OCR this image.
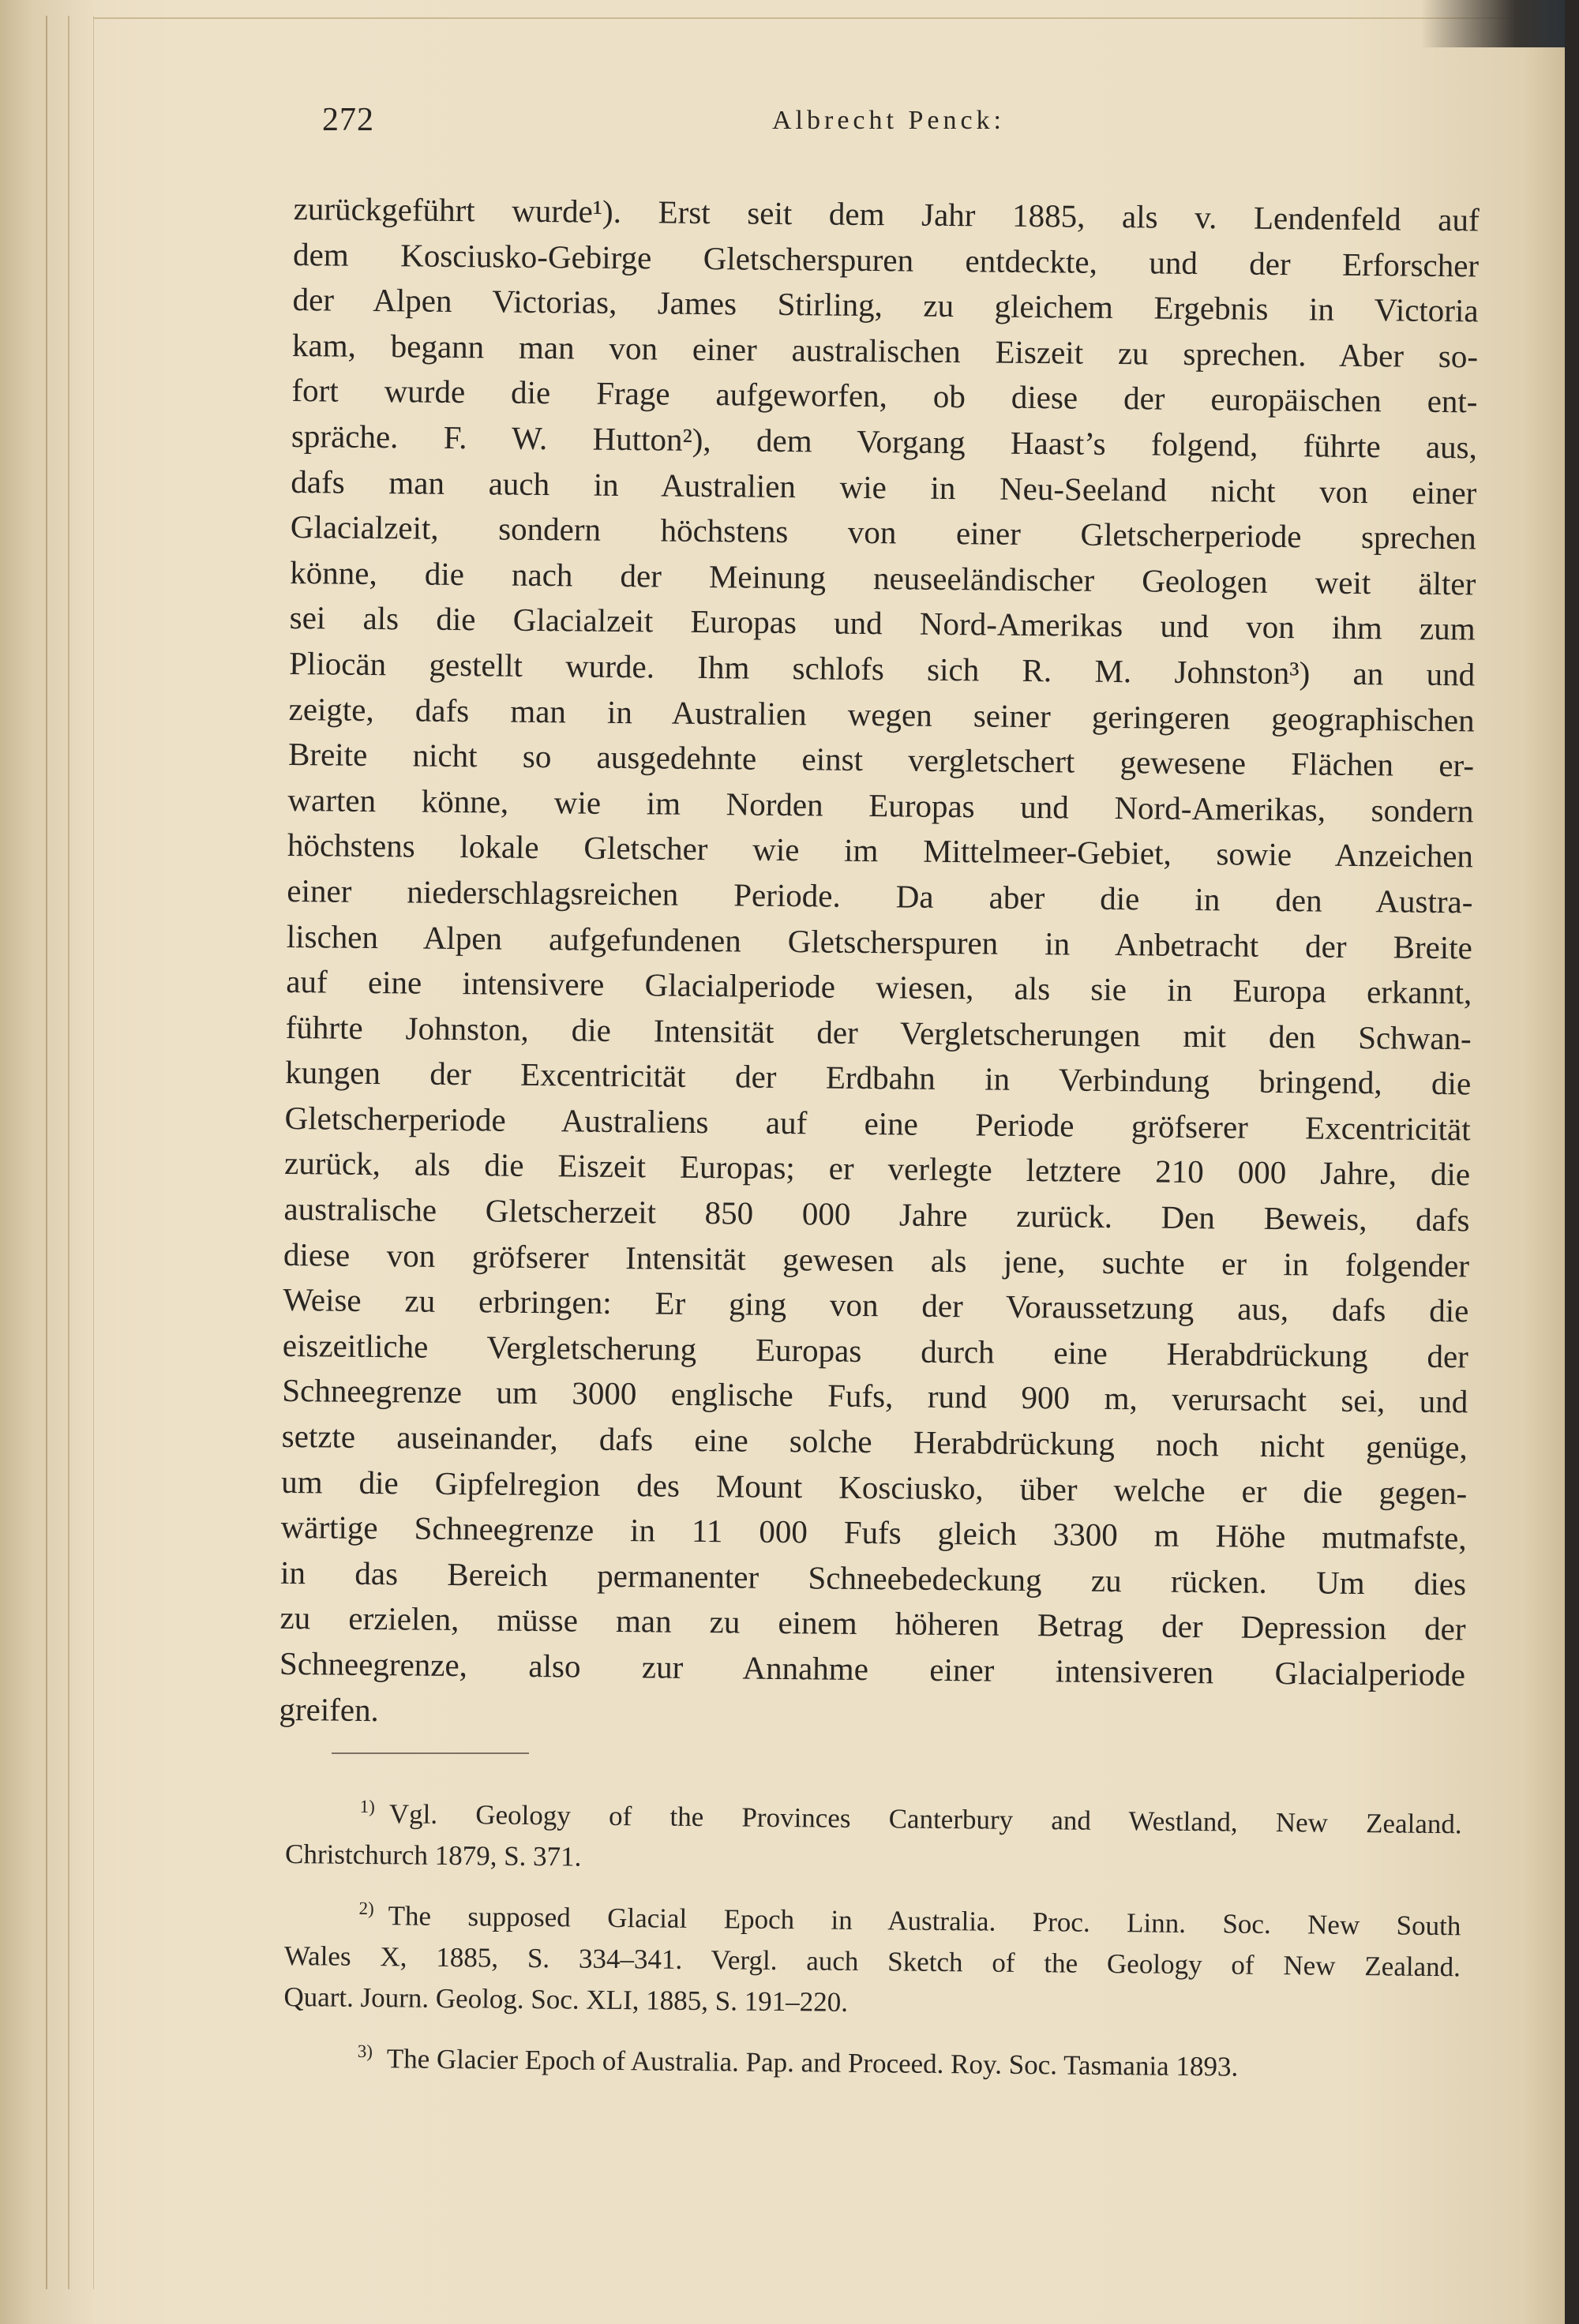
272	Albrecht Penck:
zurückgeführt wurde¹). Erst seit dem Jahr 1885, als v. Lendenfeld auf
dem Kosciusko-Gebirge Gletscherspuren entdeckte, und der Erforscher
der Alpen Victorias, James Stirling, zu gleichem Ergebnis in Victoria
kam, begann man von einer australischen Eiszeit zu sprechen. Aber so-
fort wurde die Frage aufgeworfen, ob diese der europäischen ent-
spräche. F. W. Hutton²), dem Vorgang Haast’s folgend, führte aus,
dafs man auch in Australien wie in Neu-Seeland nicht von einer
Glacialzeit, sondern höchstens von einer Gletscherperiode sprechen
könne, die nach der Meinung neuseeländischer Geologen weit älter
sei als die Glacialzeit Europas und Nord-Amerikas und von ihm zum
Pliocän gestellt wurde. Ihm schlofs sich R. M. Johnston³) an und
zeigte, dafs man in Australien wegen seiner geringeren geographischen
Breite nicht so ausgedehnte einst vergletschert gewesene Flächen er-
warten könne, wie im Norden Europas und Nord-Amerikas, sondern
höchstens lokale Gletscher wie im Mittelmeer-Gebiet, sowie Anzeichen
einer niederschlagsreichen Periode. Da aber die in den Austra-
lischen Alpen aufgefundenen Gletscherspuren in Anbetracht der Breite
auf eine intensivere Glacialperiode wiesen, als sie in Europa erkannt,
führte Johnston, die Intensität der Vergletscherungen mit den Schwan-
kungen der Excentricität der Erdbahn in Verbindung bringend, die
Gletscherperiode Australiens auf eine Periode gröfserer Excentricität
zurück, als die Eiszeit Europas; er verlegte letztere 210 000 Jahre, die
australische Gletscherzeit 850 000 Jahre zurück. Den Beweis, dafs
diese von gröfserer Intensität gewesen als jene, suchte er in folgender
Weise zu erbringen: Er ging von der Voraussetzung aus, dafs die
eiszeitliche Vergletscherung Europas durch eine Herabdrückung der
Schneegrenze um 3000 englische Fufs, rund 900 m, verursacht sei, und
setzte auseinander, dafs eine solche Herabdrückung noch nicht genüge,
um die Gipfelregion des Mount Kosciusko, über welche er die gegen-
wärtige Schneegrenze in 11 000 Fufs gleich 3300 m Höhe mutmafste,
in das Bereich permanenter Schneebedeckung zu rücken. Um dies
zu erzielen, müsse man zu einem höheren Betrag der Depression der
Schneegrenze, also zur Annahme einer intensiveren Glacialperiode
greifen.
$^{1)}$ Vgl. Geology of the Provinces Canterbury and Westland, New Zealand.
Christchurch 1879, S. 371.
$^{2)}$ The supposed Glacial Epoch in Australia. Proc. Linn. Soc. New South
Wales X, 1885, S. 334–341. Vergl. auch Sketch of the Geology of New Zealand.
Quart. Journ. Geolog. Soc. XLI, 1885, S. 191–220.
$^{3)}$ The Glacier Epoch of Australia. Pap. and Proceed. Roy. Soc. Tasmania 1893.
